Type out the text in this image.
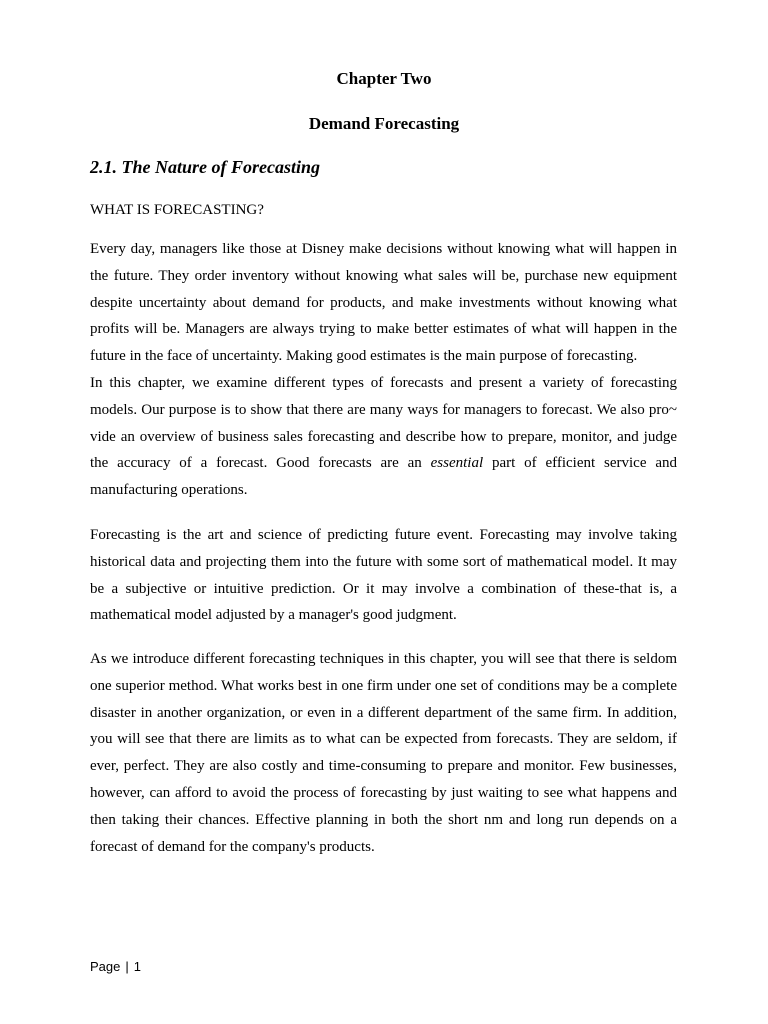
Chapter Two
Demand Forecasting
2.1. The Nature of Forecasting

WHAT IS FORECASTING?

Every day, managers like those at Disney make decisions without knowing what will happen in the future. They order inventory without knowing what sales will be, purchase new equipment despite uncertainty about demand for products, and make investments without knowing what profits will be. Managers are always trying to make better estimates of what will happen in the future in the face of uncertainty. Making good estimates is the main purpose of forecasting.
In this chapter, we examine different types of forecasts and present a variety of forecasting models. Our purpose is to show that there are many ways for managers to forecast. We also pro~ vide an overview of business sales forecasting and describe how to prepare, monitor, and judge the accuracy of a forecast. Good forecasts are an essential part of efficient service and manufacturing operations.

Forecasting is the art and science of predicting future event. Forecasting may involve taking historical data and projecting them into the future with some sort of mathematical model. It may be a subjective or intuitive prediction. Or it may involve a combination of these-that is, a mathematical model adjusted by a manager's good judgment.

As we introduce different forecasting techniques in this chapter, you will see that there is seldom one superior method. What works best in one firm under one set of conditions may be a complete disaster in another organization, or even in a different department of the same firm. In addition, you will see that there are limits as to what can be expected from forecasts. They are seldom, if ever, perfect. They are also costly and time-consuming to prepare and monitor. Few businesses, however, can afford to avoid the process of forecasting by just waiting to see what happens and then taking their chances. Effective planning in both the short nm and long run depends on a forecast of demand for the company's products.

Page | 1
